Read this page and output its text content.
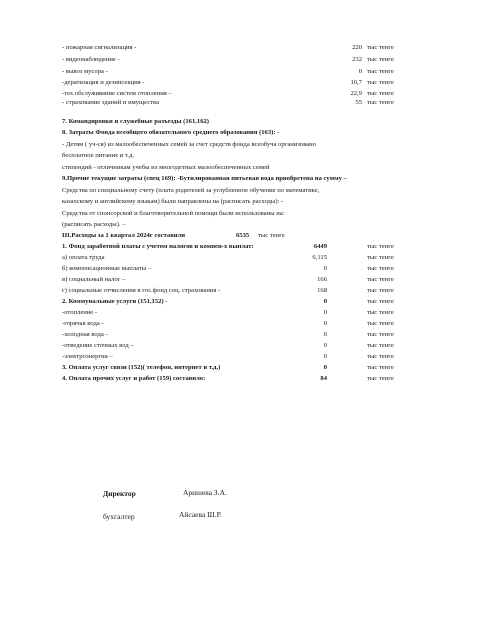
- пожарная сигнализация -	220 тыс тенге
- видеонаблюдение -	232 тыс тенге
- вывоз мусора -	0 тыс тенге
-дератизация и дезинсекция -	10,7 тыс тенге
-тех.обслуживание систем отопления –	22,9 тыс тенге
- страхование зданий и имущества	55 тыс тенге
7. Командировки и служебные разъезды (161,162)
8. Затраты Фонда всеобщего обязательного среднего образования (163): -
- Детям ( уч-ся) из малообеспеченных семей за счет средств фонда всеобуча организовано
бесплатное питание и т.д.
стипендий - отличникам учебы из многодетных малообеспеченных семей
9.Прочие текущие затраты (спец 169): -Бутилированная питьевая вода приобретена на сумму –
Средства по специальному счету (плата родителей за углубленное обучение по математике,
казахскому и английскому языкам) были направлены на (расписать расходы): -
Средства от спонсорской и благотворительной помощи были использованы на:
(расписать расходы). –
III.Расходы за 1 квартал 2024г составили	6535 тыс тенге
1. Фонд заработной платы с учетом налогов и компен-х выплат:	6449	тыс тенге
а) оплата труда	6,115	тыс тенге
б) компенсационные выплаты –	0	тыс тенге
в) социальный налог –	166	тыс тенге
г) социальные отчисления в гос.фонд соц. страхования -	168	тыс тенге
2. Коммунальные услуги (151,152) -	0	тыс тенге
-отопление -	0	тыс тенге
-горячая вода -	0	тыс тенге
-холодная вода -	0	тыс тенге
-отведение сточных вод –	0	тыс тенге
-электроэнергия –	0	тыс тенге
3. Оплата услуг связи (152)( телефон, интернет и т.д.)	0	тыс тенге
4. Оплата прочих услуг и работ (159) составило:	84	тыс тенге
Директор	Аришева З.А.
бухгалтер	Айсаева Ш.Р.
